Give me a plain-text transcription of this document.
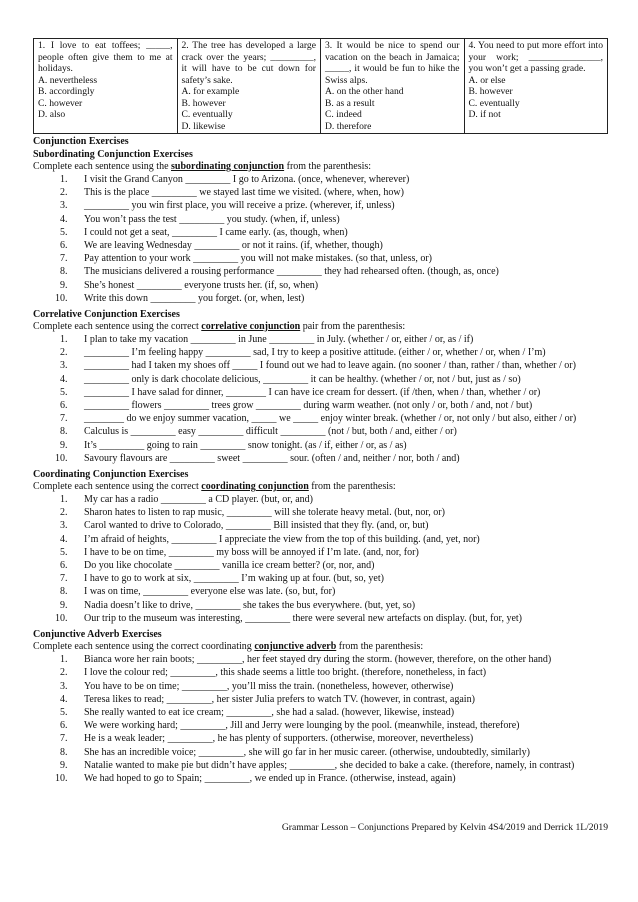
1. I love to eat toffees; _____, people often give them to me at holidays.
A. nevertheless
B. accordingly
C. however
D. also

2. The tree has developed a large crack over the years; _________, it will have to be cut down for safety’s sake.
A. for example
B. however
C. eventually
D. likewise

3. It would be nice to spend our vacation on the beach in Jamaica; _____, it would be fun to hike the Swiss alps.
A. on the other hand
B. as a result
C. indeed
D. therefore

4. You need to put more effort into your work; _______________, you won’t get a passing grade.
A. or else
B. however
C. eventually
D. if not

Conjunction Exercises

Subordinating Conjunction Exercises

Complete each sentence using the subordinating conjunction from the parenthesis:

1. I visit the Grand Canyon _________ I go to Arizona. (once, whenever, wherever)
2. This is the place _________ we stayed last time we visited. (where, when, how)
3. _________ you win first place, you will receive a prize. (wherever, if, unless)
4. You won’t pass the test _________ you study. (when, if, unless)
5. I could not get a seat, _________ I came early. (as, though, when)
6. We are leaving Wednesday _________ or not it rains. (if, whether, though)
7. Pay attention to your work _________ you will not make mistakes. (so that, unless, or)
8. The musicians delivered a rousing performance _________ they had rehearsed often. (though, as, once)
9. She’s honest _________ everyone trusts her. (if, so, when)
10. Write this down _________ you forget. (or, when, lest)

Correlative Conjunction Exercises

Complete each sentence using the correct correlative conjunction pair from the parenthesis:

1. I plan to take my vacation _________ in June _________ in July. (whether / or, either / or, as / if)
2. _________ I’m feeling happy _________ sad, I try to keep a positive attitude. (either / or, whether / or, when / I’m)
3. _________ had I taken my shoes off _____ I found out we had to leave again. (no sooner / than, rather / than, whether / or)
4. _________ only is dark chocolate delicious, _________ it can be healthy. (whether / or, not / but, just as / so)
5. _________ I have salad for dinner, ________ I can have ice cream for dessert. (if /then, when / than, whether / or)
6. _________ flowers _________ trees grow _________ during warm weather. (not only / or, both / and, not / but)
7. ________ do we enjoy summer vacation, _____ we _____ enjoy winter break. (whether / or, not only / but also, either / or)
8. Calculus is _________ easy _________ difficult _________ (not / but, both / and, either / or)
9. It’s _________ going to rain _________ snow tonight. (as / if, either / or, as / as)
10. Savoury flavours are _________ sweet _________ sour. (often / and, neither / nor, both / and)

Coordinating Conjunction Exercises

Complete each sentence using the correct coordinating conjunction from the parenthesis:

1. My car has a radio _________ a CD player. (but, or, and)
2. Sharon hates to listen to rap music, _________ will she tolerate heavy metal. (but, nor, or)
3. Carol wanted to drive to Colorado, _________ Bill insisted that they fly. (and, or, but)
4. I’m afraid of heights, _________ I appreciate the view from the top of this building. (and, yet, nor)
5. I have to be on time, _________ my boss will be annoyed if I’m late. (and, nor, for)
6. Do you like chocolate _________ vanilla ice cream better? (or, nor, and)
7. I have to go to work at six, _________ I’m waking up at four. (but, so, yet)
8. I was on time, _________ everyone else was late. (so, but, for)
9. Nadia doesn’t like to drive, _________ she takes the bus everywhere. (but, yet, so)
10. Our trip to the museum was interesting, _________ there were several new artefacts on display. (but, for, yet)

Conjunctive Adverb Exercises

Complete each sentence using the correct coordinating conjunctive adverb from the parenthesis:

1. Bianca wore her rain boots; _________, her feet stayed dry during the storm. (however, therefore, on the other hand)
2. I love the colour red; _________, this shade seems a little too bright. (therefore, nonetheless, in fact)
3. You have to be on time; _________, you’ll miss the train. (nonetheless, however, otherwise)
4. Teresa likes to read; _________, her sister Julia prefers to watch TV. (however, in contrast, again)
5. She really wanted to eat ice cream; _________, she had a salad. (however, likewise, instead)
6. We were working hard; _________, Jill and Jerry were lounging by the pool. (meanwhile, instead, therefore)
7. He is a weak leader; _________, he has plenty of supporters. (otherwise, moreover, nevertheless)
8. She has an incredible voice; _________, she will go far in her music career. (otherwise, undoubtedly, similarly)
9. Natalie wanted to make pie but didn’t have apples; _________, she decided to bake a cake. (therefore, namely, in contrast)
10. We had hoped to go to Spain; _________, we ended up in France. (otherwise, instead, again)
Grammar Lesson – Conjunctions Prepared by Kelvin 4S4/2019 and Derrick 1L/2019
